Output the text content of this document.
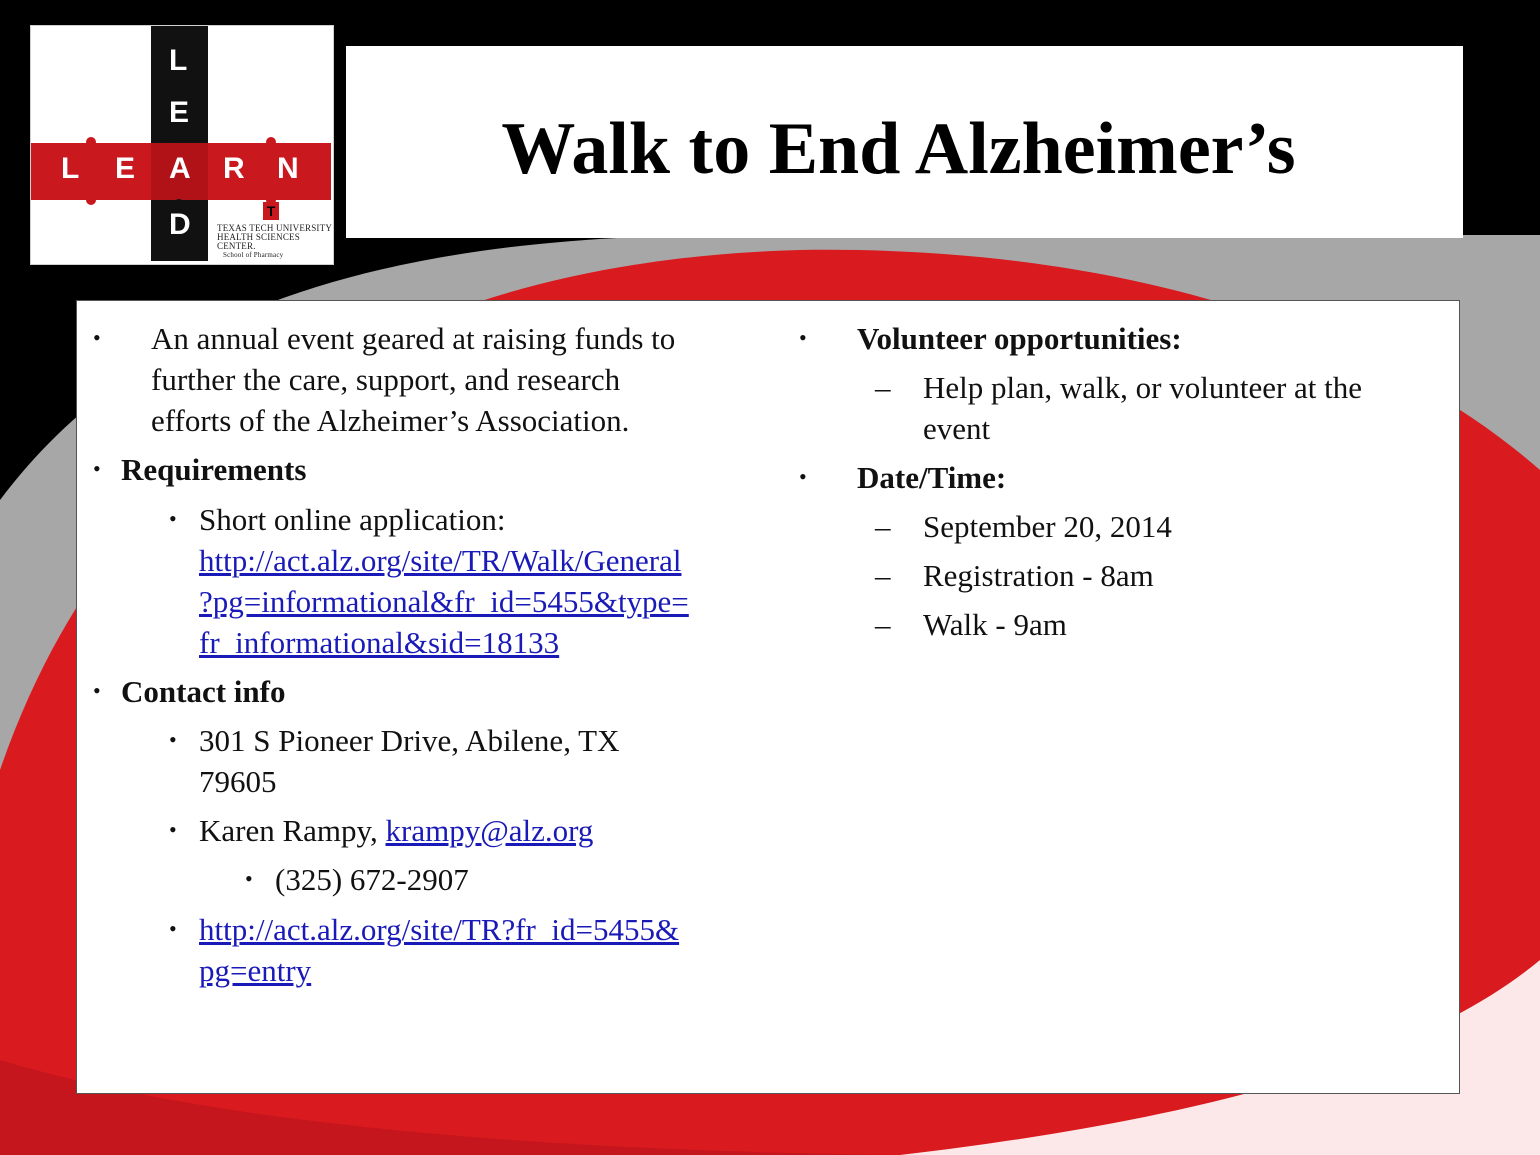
L
E
D
L E A R N
T
TEXAS TECH UNIVERSITY
HEALTH SCIENCES CENTER.
School of Pharmacy
Walk to End Alzheimer’s
• An annual event geared at raising funds to
further the care, support, and research
efforts of the Alzheimer’s Association.
• Requirements
• Short online application:
http://act.alz.org/site/TR/Walk/General
?pg=informational&fr_id=5455&type=
fr_informational&sid=18133
• Contact info
• 301 S Pioneer Drive, Abilene, TX
79605
• Karen Rampy, krampy@alz.org
• (325) 672-2907
• http://act.alz.org/site/TR?fr_id=5455&
pg=entry
• Volunteer opportunities:
– Help plan, walk, or volunteer at the
event
• Date/Time:
– September 20, 2014
– Registration - 8am
– Walk - 9am
